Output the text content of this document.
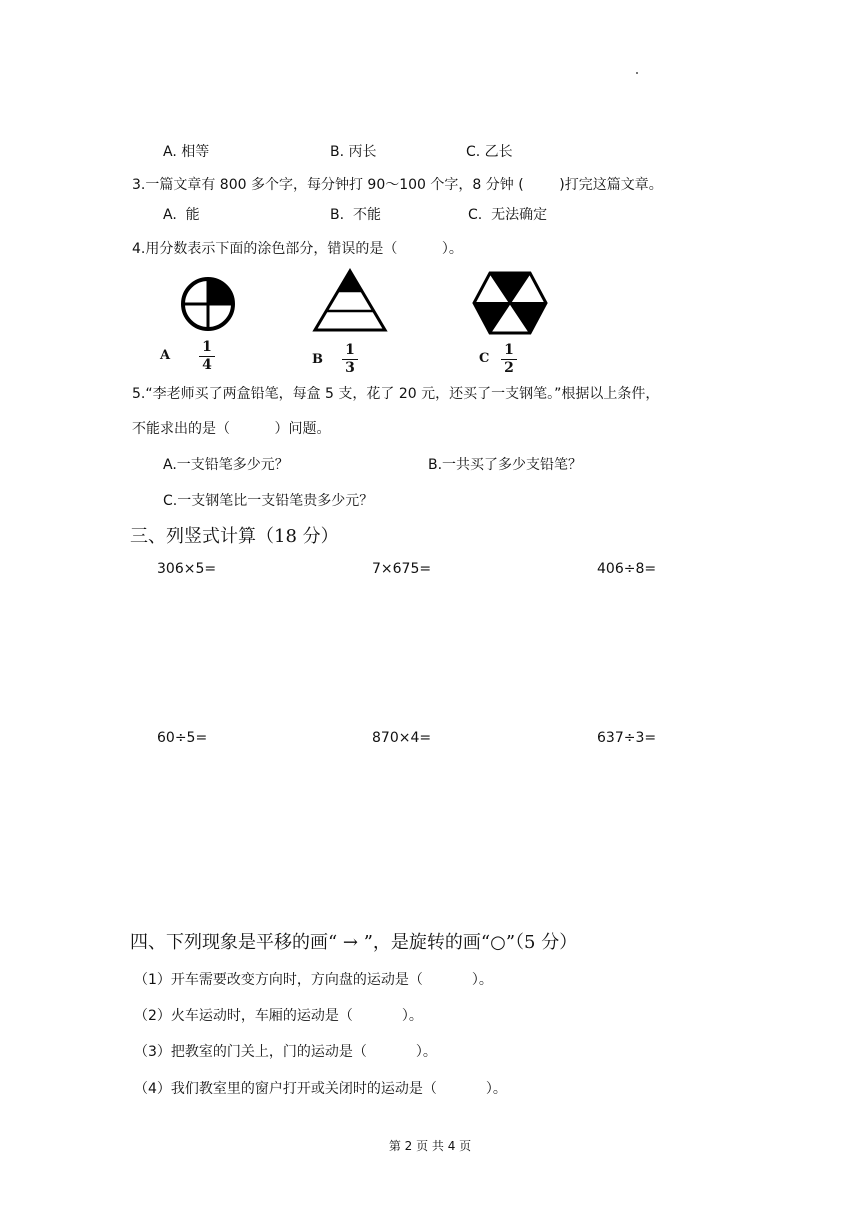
A. 相等	B. 丙长	C. 乙长
3.一篇文章有 800 多个字，每分钟打 90～100 个字，8 分钟 (        )打完这篇文章。
A.  能	B.  不能	C.  无法确定
4.用分数表示下面的涂色部分，错误的是（          ）。
A
1
4	B
1
3
C
1
2
5.“李老师买了两盒铅笔，每盒 5 支，花了 20 元，还买了一支钢笔。”根据以上条件，
不能求出的是（          ）问题。
A.一支铅笔多少元？	B.一共买了多少支铅笔？
C.一支钢笔比一支铅笔贵多少元？
三、列竖式计算（18 分）
306×5=	7×675=	406÷8=
60÷5=	870×4=	637÷3=
四、下列现象是平移的画“ → ”，是旋转的画“○”（5 分）
（1）开车需要改变方向时，方向盘的运动是（           ）。
（2）火车运动时，车厢的运动是（           ）。
（3）把教室的门关上，门的运动是（           ）。
（4）我们教室里的窗户打开或关闭时的运动是（           ）。
第 2 页 共 4 页
